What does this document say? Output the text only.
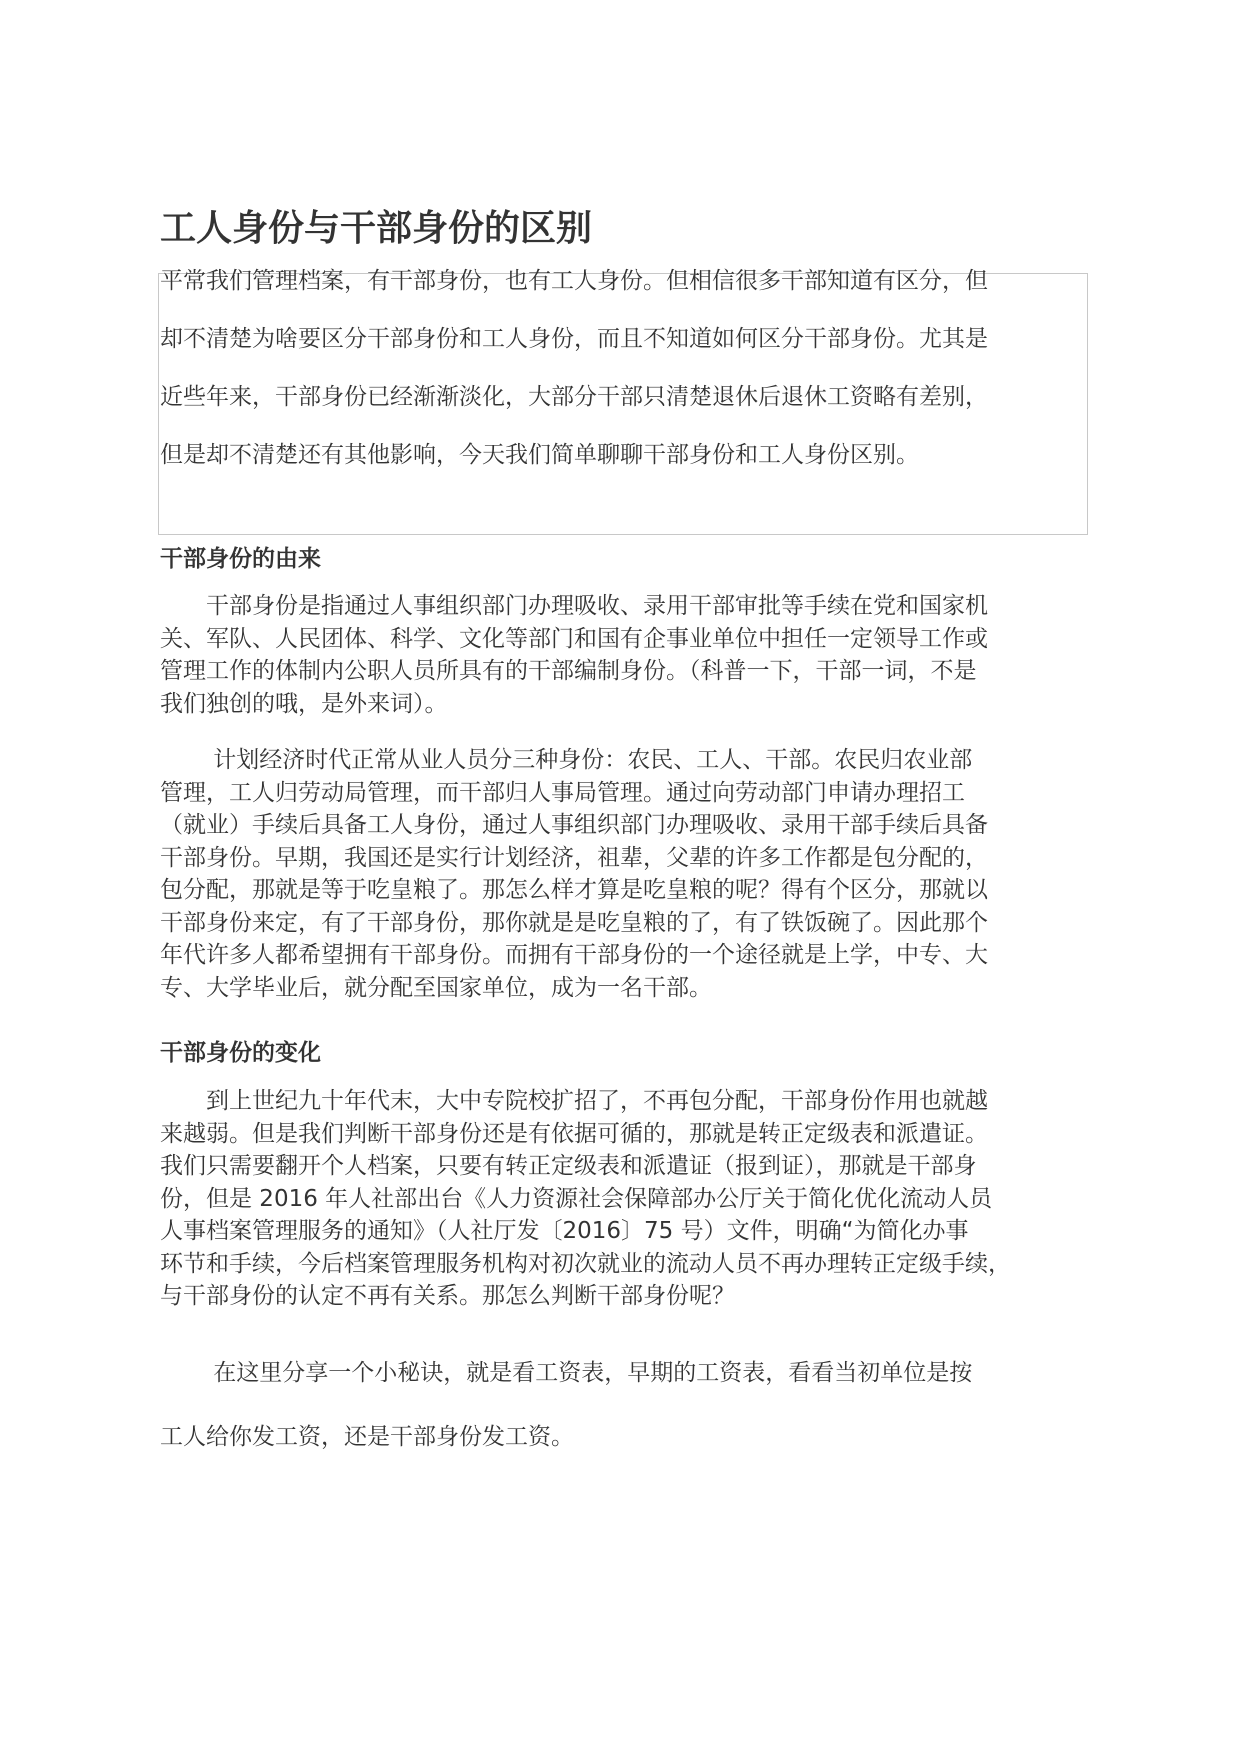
工人身份与干部身份的区别
平常我们管理档案，有干部身份，也有工人身份。但相信很多干部知道有区分，但
却不清楚为啥要区分干部身份和工人身份，而且不知道如何区分干部身份。尤其是
近些年来，干部身份已经渐渐淡化，大部分干部只清楚退休后退休工资略有差别，
但是却不清楚还有其他影响，今天我们简单聊聊干部身份和工人身份区别。
干部身份的由来
　　干部身份是指通过人事组织部门办理吸收、录用干部审批等手续在党和国家机
关、军队、人民团体、科学、文化等部门和国有企事业单位中担任一定领导工作或
管理工作的体制内公职人员所具有的干部编制身份。（科普一下，干部一词，不是
我们独创的哦，是外来词）。
　　 计划经济时代正常从业人员分三种身份：农民、工人、干部。农民归农业部
管理，工人归劳动局管理，而干部归人事局管理。通过向劳动部门申请办理招工
（就业）手续后具备工人身份，通过人事组织部门办理吸收、录用干部手续后具备
干部身份。早期，我国还是实行计划经济，祖辈，父辈的许多工作都是包分配的，
包分配，那就是等于吃皇粮了。那怎么样才算是吃皇粮的呢？得有个区分，那就以
干部身份来定，有了干部身份，那你就是是吃皇粮的了，有了铁饭碗了。因此那个
年代许多人都希望拥有干部身份。而拥有干部身份的一个途径就是上学，中专、大
专、大学毕业后，就分配至国家单位，成为一名干部。
干部身份的变化
　　到上世纪九十年代末，大中专院校扩招了，不再包分配，干部身份作用也就越
来越弱。但是我们判断干部身份还是有依据可循的，那就是转正定级表和派遣证。
我们只需要翻开个人档案，只要有转正定级表和派遣证（报到证），那就是干部身
份，但是 2016 年人社部出台《人力资源社会保障部办公厅关于简化优化流动人员
人事档案管理服务的通知》（人社厅发〔2016〕75 号）文件，明确“为简化办事
环节和手续，今后档案管理服务机构对初次就业的流动人员不再办理转正定级手续，
与干部身份的认定不再有关系。那怎么判断干部身份呢？
　　 在这里分享一个小秘诀，就是看工资表，早期的工资表，看看当初单位是按
工人给你发工资，还是干部身份发工资。
